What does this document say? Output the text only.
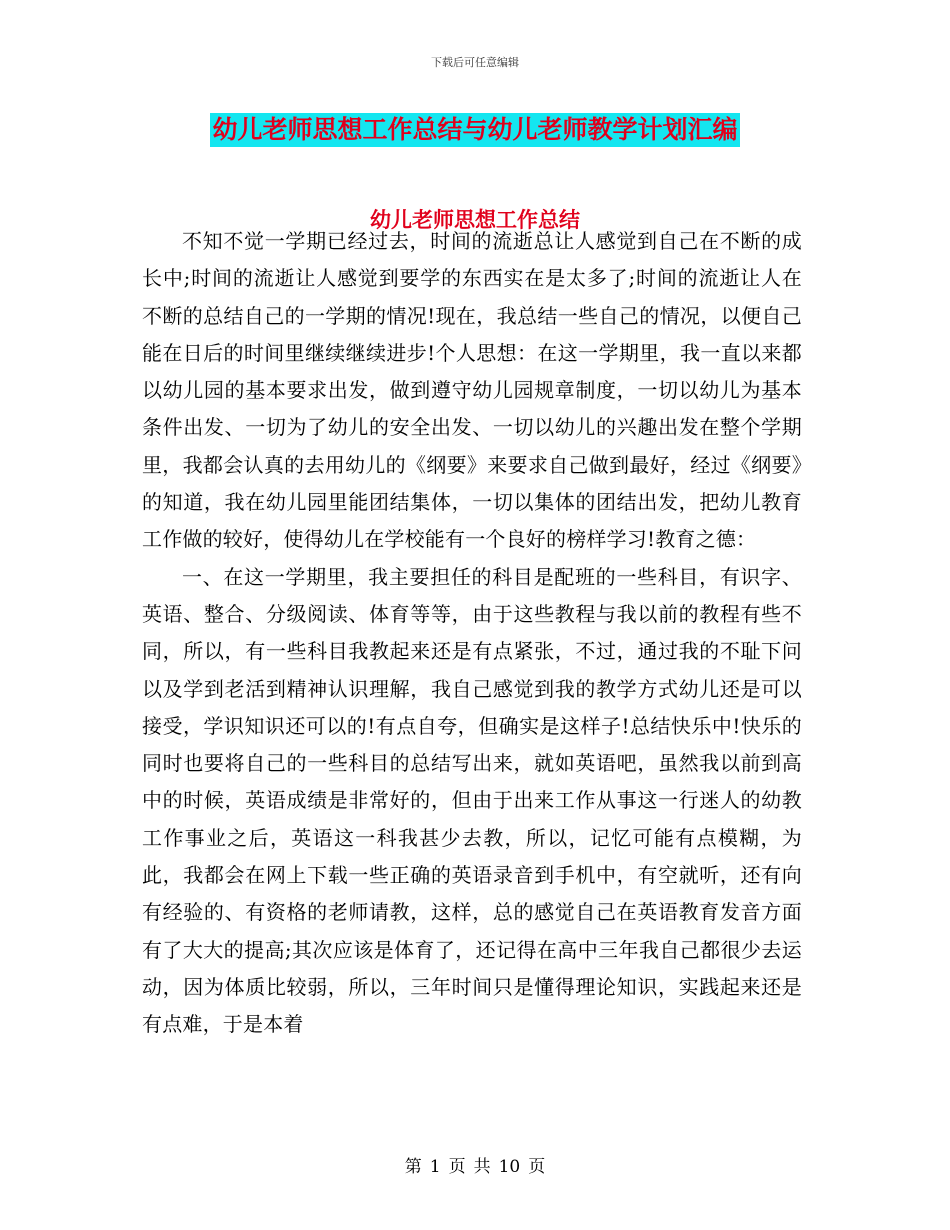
下载后可任意编辑
幼儿老师思想工作总结与幼儿老师教学计划汇编
幼儿老师思想工作总结

不知不觉一学期已经过去，时间的流逝总让人感觉到自己在不断的成长中;时间的流逝让人感觉到要学的东西实在是太多了;时间的流逝让人在不断的总结自己的一学期的情况!现在，我总结一些自己的情况，以便自己能在日后的时间里继续继续进步!个人思想：在这一学期里，我一直以来都以幼儿园的基本要求出发，做到遵守幼儿园规章制度，一切以幼儿为基本条件出发、一切为了幼儿的安全出发、一切以幼儿的兴趣出发在整个学期里，我都会认真的去用幼儿的《纲要》来要求自己做到最好，经过《纲要》的知道，我在幼儿园里能团结集体，一切以集体的团结出发，把幼儿教育工作做的较好，使得幼儿在学校能有一个良好的榜样学习!教育之德：

一、在这一学期里，我主要担任的科目是配班的一些科目，有识字、英语、整合、分级阅读、体育等等，由于这些教程与我以前的教程有些不同，所以，有一些科目我教起来还是有点紧张，不过，通过我的不耻下问以及学到老活到精神认识理解，我自己感觉到我的教学方式幼儿还是可以接受，学识知识还可以的!有点自夸，但确实是这样子!总结快乐中!快乐的同时也要将自己的一些科目的总结写出来，就如英语吧，虽然我以前到高中的时候，英语成绩是非常好的，但由于出来工作从事这一行迷人的幼教工作事业之后，英语这一科我甚少去教，所以，记忆可能有点模糊，为此，我都会在网上下载一些正确的英语录音到手机中，有空就听，还有向有经验的、有资格的老师请教，这样，总的感觉自己在英语教育发音方面有了大大的提高;其次应该是体育了，还记得在高中三年我自己都很少去运动，因为体质比较弱，所以，三年时间只是懂得理论知识，实践起来还是有点难，于是本着

第 1 页 共 10 页
